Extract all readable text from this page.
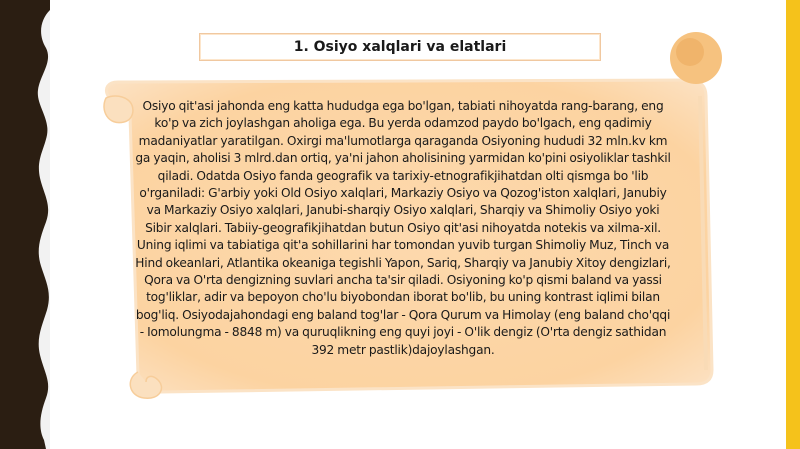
1. Osiyo xalqlari va elatlari
Osiyo qit'asi jahonda eng katta hududga ega bo'lgan, tabiati nihoyatda rang-barang, eng ko'p va zich joylashgan aholiga ega. Bu yerda odamzod paydo bo'lgach, eng qadimiy madaniyatlar yaratilgan. Oxirgi ma'lumotlarga qaraganda Osiyoning hududi 32 mln.kv km ga yaqin, aholisi 3 mlrd.dan ortiq, ya'ni jahon aholisining yarmidan ko'pini osiyoliklar tashkil qiladi. Odatda Osiyo fanda geografik va tarixiy-etnografikjihatdan olti qismga bo 'lib o'rganiladi: G'arbiy yoki Old Osiyo xalqlari, Markaziy Osiyo va Qozog'iston xalqlari, Janubiy va Markaziy Osiyo xalqlari, Janubi-sharqiy Osiyo xalqlari, Sharqiy va Shimoliy Osiyo yoki Sibir xalqlari. Tabiiy-geografikjihatdan butun Osiyo qit'asi nihoyatda notekis va xilma-xil. Uning iqlimi va tabiatiga qit'a sohillarini har tomondan yuvib turgan Shimoliy Muz, Tinch va Hind okeanlari, Atlantika okeaniga tegishli Yapon, Sariq, Sharqiy va Janubiy Xitoy dengizlari, Qora va O'rta dengizning suvlari ancha ta'sir qiladi. Osiyoning ko'p qismi baland va yassi tog'liklar, adir va bepoyon cho'lu biyobondan iborat bo'lib, bu uning kontrast iqlimi bilan bog'liq. Osiyodajahondagi eng baland tog'lar - Qora Qurum va Himolay (eng baland cho'qqi - Iomolungma - 8848 m) va quruqlikning eng quyi joyi - O'lik dengiz (O'rta dengiz sathidan 392 metr pastlik)dajoylashgan.
